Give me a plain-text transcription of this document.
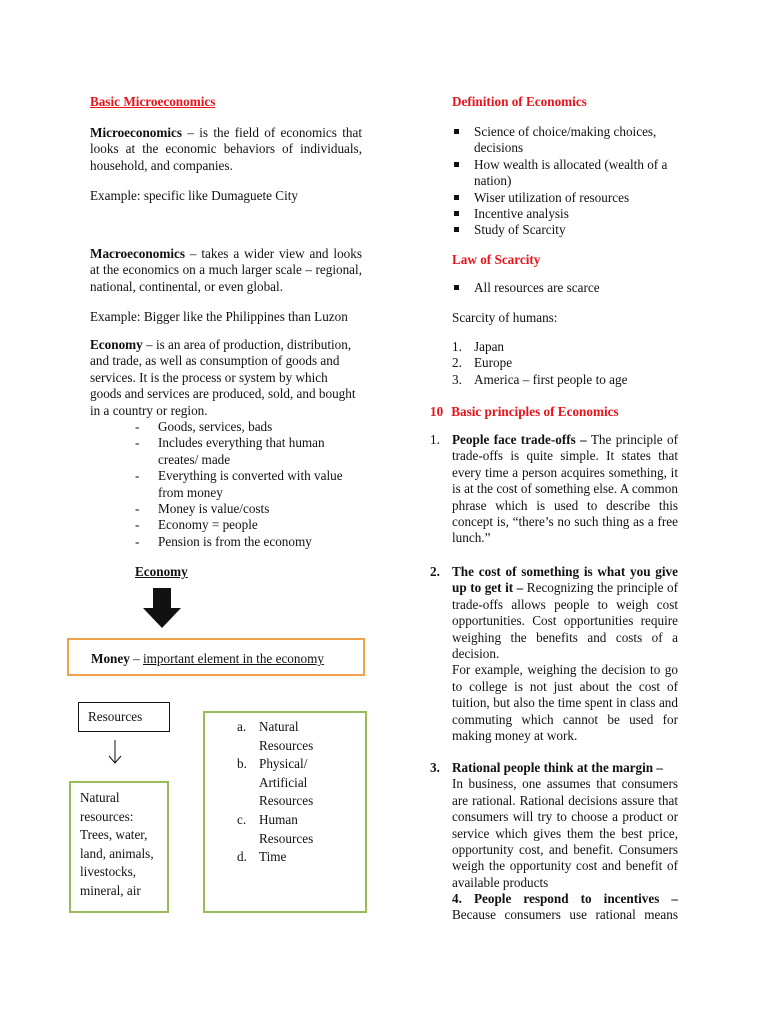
Basic Microeconomics

Microeconomics – is the field of economics that looks at the economic behaviors of individuals, household, and companies.

Example: specific like Dumaguete City

Macroeconomics – takes a wider view and looks at the economics on a much larger scale – regional, national, continental, or even global.

Example: Bigger like the Philippines than Luzon

Economy – is an area of production, distribution, and trade, as well as consumption of goods and services. It is the process or system by which goods and services are produced, sold, and bought in a country or region.

- Goods, services, bads
- Includes everything that human creates/ made
- Everything is converted with value from money
- Money is value/costs
- Economy = people
- Pension is from the economy
Economy
Money – important element in the economy
Resources
Natural
resources:
Trees, water,
land, animals,
livestocks,
mineral, air
a. Natural
Resources
b. Physical/
Artificial
Resources
c. Human
Resources
d. Time
Definition of Economics
Science of choice/making choices, decisions
How wealth is allocated (wealth of a nation)
Wiser utilization of resources
Incentive analysis
Study of Scarcity
Law of Scarcity
All resources are scarce

Scarcity of humans:

1. Japan
2. Europe
3. America – first people to age
10 Basic principles of Economics
1. People face trade-offs – The principle of trade-offs is quite simple. It states that every time a person acquires something, it is at the cost of something else. A common phrase which is used to describe this concept is, “there’s no such thing as a free lunch.”

2. The cost of something is what you give up to get it – Recognizing the principle of trade-offs allows people to weigh cost opportunities. Cost opportunities require weighing the benefits and costs of a decision.

For example, weighing the decision to go to college is not just about the cost of tuition, but also the time spent in class and commuting which cannot be used for making money at work.

3. Rational people think at the margin –

In business, one assumes that consumers are rational. Rational decisions assure that consumers will try to choose a product or service which gives them the best price, opportunity cost, and benefit. Consumers weigh the opportunity cost and benefit of available products

4. People respond to incentives –

Because consumers use rational means
